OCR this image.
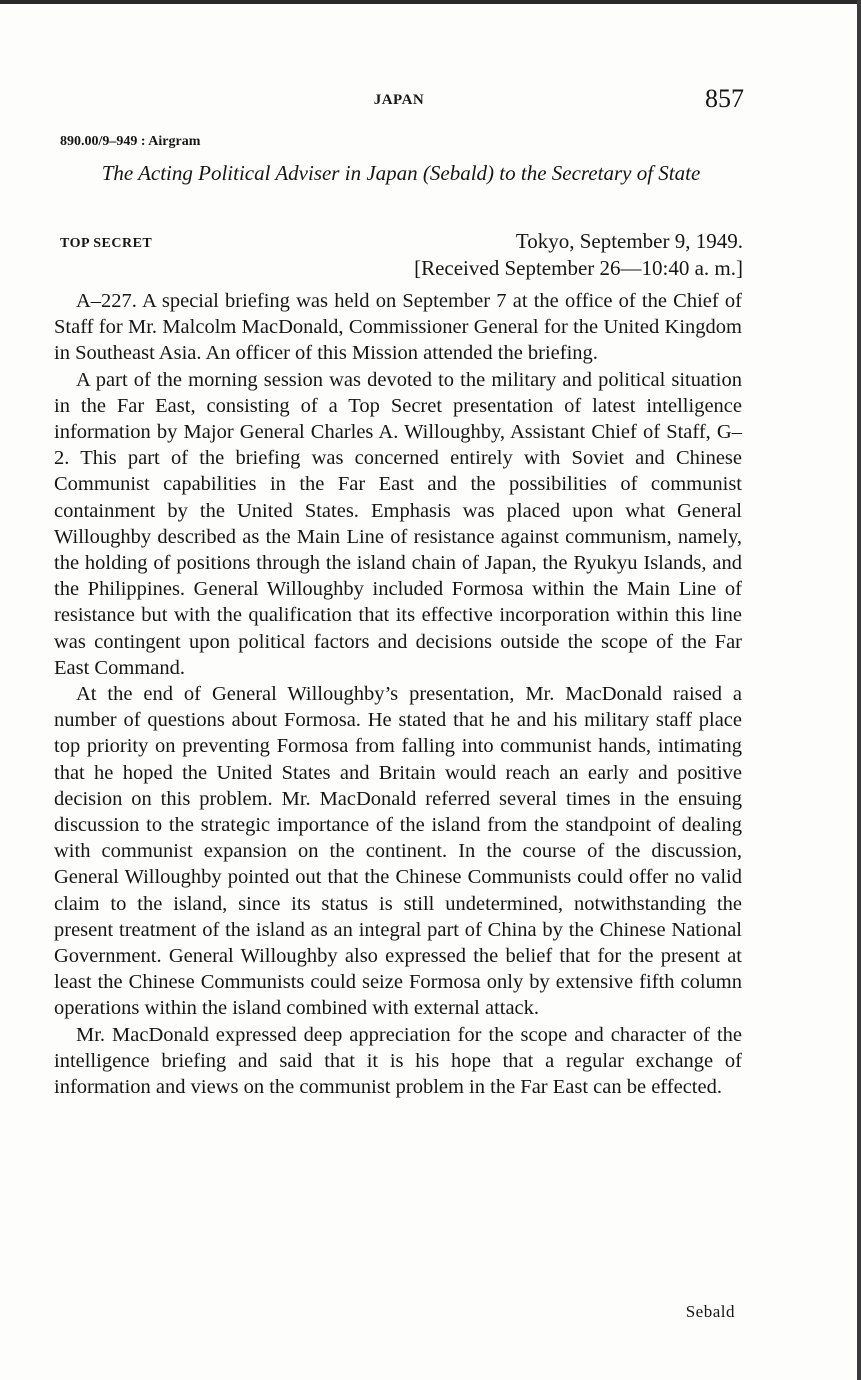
JAPAN	857
890.00/9–949 : Airgram
The Acting Political Adviser in Japan (Sebald) to the Secretary of State
TOP SECRET	Tokyo, September 9, 1949.
[Received September 26—10:40 a. m.]

A–227. A special briefing was held on September 7 at the office of the Chief of Staff for Mr. Malcolm MacDonald, Commissioner General for the United Kingdom in Southeast Asia. An officer of this Mission attended the briefing.

A part of the morning session was devoted to the military and political situation in the Far East, consisting of a Top Secret presentation of latest intelligence information by Major General Charles A. Willoughby, Assistant Chief of Staff, G–2. This part of the briefing was concerned entirely with Soviet and Chinese Communist capabilities in the Far East and the possibilities of communist containment by the United States. Emphasis was placed upon what General Willoughby described as the Main Line of resistance against communism, namely, the holding of positions through the island chain of Japan, the Ryukyu Islands, and the Philippines. General Willoughby included Formosa within the Main Line of resistance but with the qualification that its effective incorporation within this line was contingent upon political factors and decisions outside the scope of the Far East Command.

At the end of General Willoughby’s presentation, Mr. MacDonald raised a number of questions about Formosa. He stated that he and his military staff place top priority on preventing Formosa from falling into communist hands, intimating that he hoped the United States and Britain would reach an early and positive decision on this problem. Mr. MacDonald referred several times in the ensuing discussion to the strategic importance of the island from the standpoint of dealing with communist expansion on the continent. In the course of the discussion, General Willoughby pointed out that the Chinese Communists could offer no valid claim to the island, since its status is still undetermined, notwithstanding the present treatment of the island as an integral part of China by the Chinese National Government. General Willoughby also expressed the belief that for the present at least the Chinese Communists could seize Formosa only by extensive fifth column operations within the island combined with external attack.

Mr. MacDonald expressed deep appreciation for the scope and character of the intelligence briefing and said that it is his hope that a regular exchange of information and views on the communist problem in the Far East can be effected.

Sebald
